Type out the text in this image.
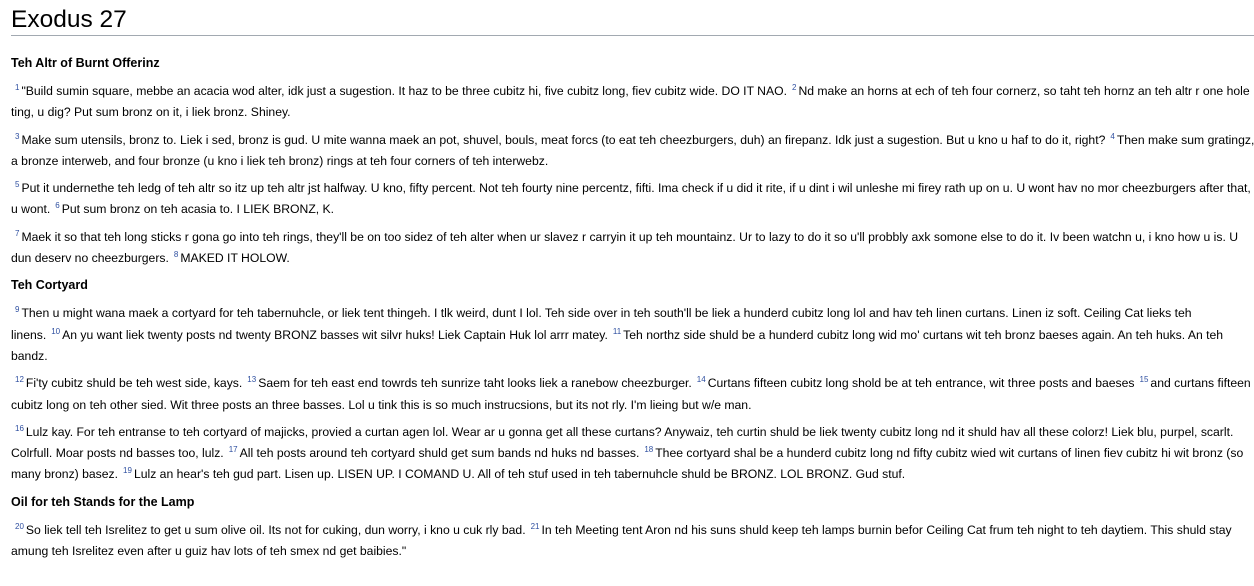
Exodus 27
Teh Altr of Burnt Offerinz

$^1$ "Build sumin square, mebbe an acacia wod alter, idk just a sugestion. It haz to be three cubitz hi, five cubitz long, fiev cubitz wide. DO IT NAO. $^2$ Nd make an horns at ech of teh four cornerz, so taht teh hornz an teh altr r one hole ting, u dig? Put sum bronz on it, i liek bronz. Shiney.

$^3$ Make sum utensils, bronz to. Liek i sed, bronz is gud. U mite wanna maek an pot, shuvel, bouls, meat forcs (to eat teh cheezburgers, duh) an firepanz. Idk just a sugestion. But u kno u haf to do it, right? $^4$ Then make sum gratingz, a bronze interweb, and four bronze (u kno i liek teh bronz) rings at teh four corners of teh interwebz.

$^5$ Put it undernethe teh ledg of teh altr so itz up teh altr jst halfway. U kno, fifty percent. Not teh fourty nine percentz, fifti. Ima check if u did it rite, if u dint i wil unleshe mi firey rath up on u. U wont hav no mor cheezburgers after that, u wont. $^6$ Put sum bronz on teh acasia to. I LIEK BRONZ, K.

$^7$ Maek it so that teh long sticks r gona go into teh rings, they'll be on too sidez of teh alter when ur slavez r carryin it up teh mountainz. Ur to lazy to do it so u'll probbly axk somone else to do it. Iv been watchn u, i kno how u is. U dun deserv no cheezburgers. $^8$ MAKED IT HOLOW.

Teh Cortyard

$^9$ Then u might wana maek a cortyard for teh tabernuhcle, or liek tent thingeh. I tlk weird, dunt I lol. Teh side over in teh south'll be liek a hunderd cubitz long lol and hav teh linen curtans. Linen iz soft. Ceiling Cat lieks teh linens. $^{10}$ An yu want liek twenty posts nd twenty BRONZ basses wit silvr huks! Liek Captain Huk lol arrr matey. $^{11}$ Teh northz side shuld be a hunderd cubitz long wid mo' curtans wit teh bronz baeses again. An teh huks. An teh bandz.

$^{12}$ Fi'ty cubitz shuld be teh west side, kays. $^{13}$ Saem for teh east end towrds teh sunrize taht looks liek a ranebow cheezburger. $^{14}$ Curtans fifteen cubitz long shold be at teh entrance, wit three posts and baeses $^{15}$ and curtans fifteen cubitz long on teh other sied. Wit three posts an three basses. Lol u tink this is so much instrucsions, but its not rly. I'm lieing but w/e man.

$^{16}$ Lulz kay. For teh entranse to teh cortyard of majicks, provied a curtan agen lol. Wear ar u gonna get all these curtans? Anywaiz, teh curtin shuld be liek twenty cubitz long nd it shuld hav all these colorz! Liek blu, purpel, scarlt. Colrfull. Moar posts nd basses too, lulz. $^{17}$ All teh posts around teh cortyard shuld get sum bands nd huks nd basses. $^{18}$ Thee cortyard shal be a hunderd cubitz long nd fifty cubitz wied wit curtans of linen fiev cubitz hi wit bronz (so many bronz) basez. $^{19}$ Lulz an hear's teh gud part. Lisen up. LISEN UP. I COMAND U. All of teh stuf used in teh tabernuhcle shuld be BRONZ. LOL BRONZ. Gud stuf.

Oil for teh Stands for the Lamp

$^{20}$ So liek tell teh Isrelitez to get u sum olive oil. Its not for cuking, dun worry, i kno u cuk rly bad. $^{21}$ In teh Meeting tent Aron nd his suns shuld keep teh lamps burnin befor Ceiling Cat frum teh night to teh daytiem. This shuld stay amung teh Isrelitez even after u guiz hav lots of teh smex nd get baibies."
